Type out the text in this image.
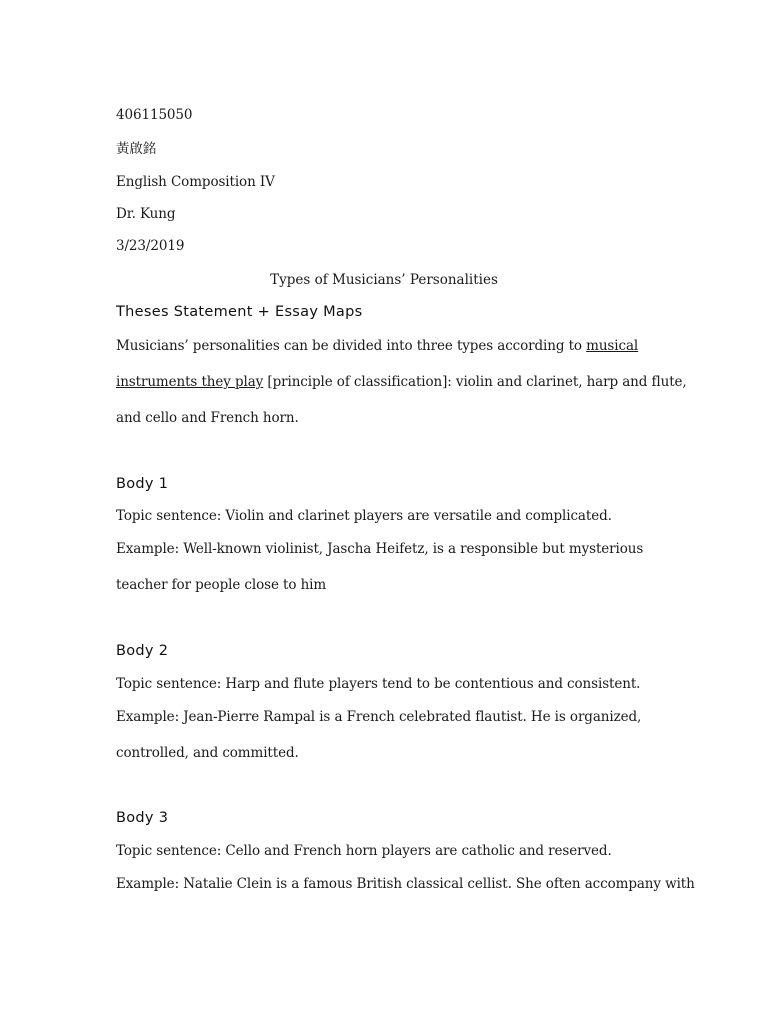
406115050
黃啟銘
English Composition IV
Dr. Kung
3/23/2019
Types of Musicians’ Personalities
Theses Statement + Essay Maps
Musicians’ personalities can be divided into three types according to musical
instruments they play [principle of classification]: violin and clarinet, harp and flute,
and cello and French horn.
Body 1
Topic sentence: Violin and clarinet players are versatile and complicated.
Example: Well-known violinist, Jascha Heifetz, is a responsible but mysterious
teacher for people close to him
Body 2
Topic sentence: Harp and flute players tend to be contentious and consistent.
Example: Jean-Pierre Rampal is a French celebrated flautist. He is organized,
controlled, and committed.
Body 3
Topic sentence: Cello and French horn players are catholic and reserved.
Example: Natalie Clein is a famous British classical cellist. She often accompany with
